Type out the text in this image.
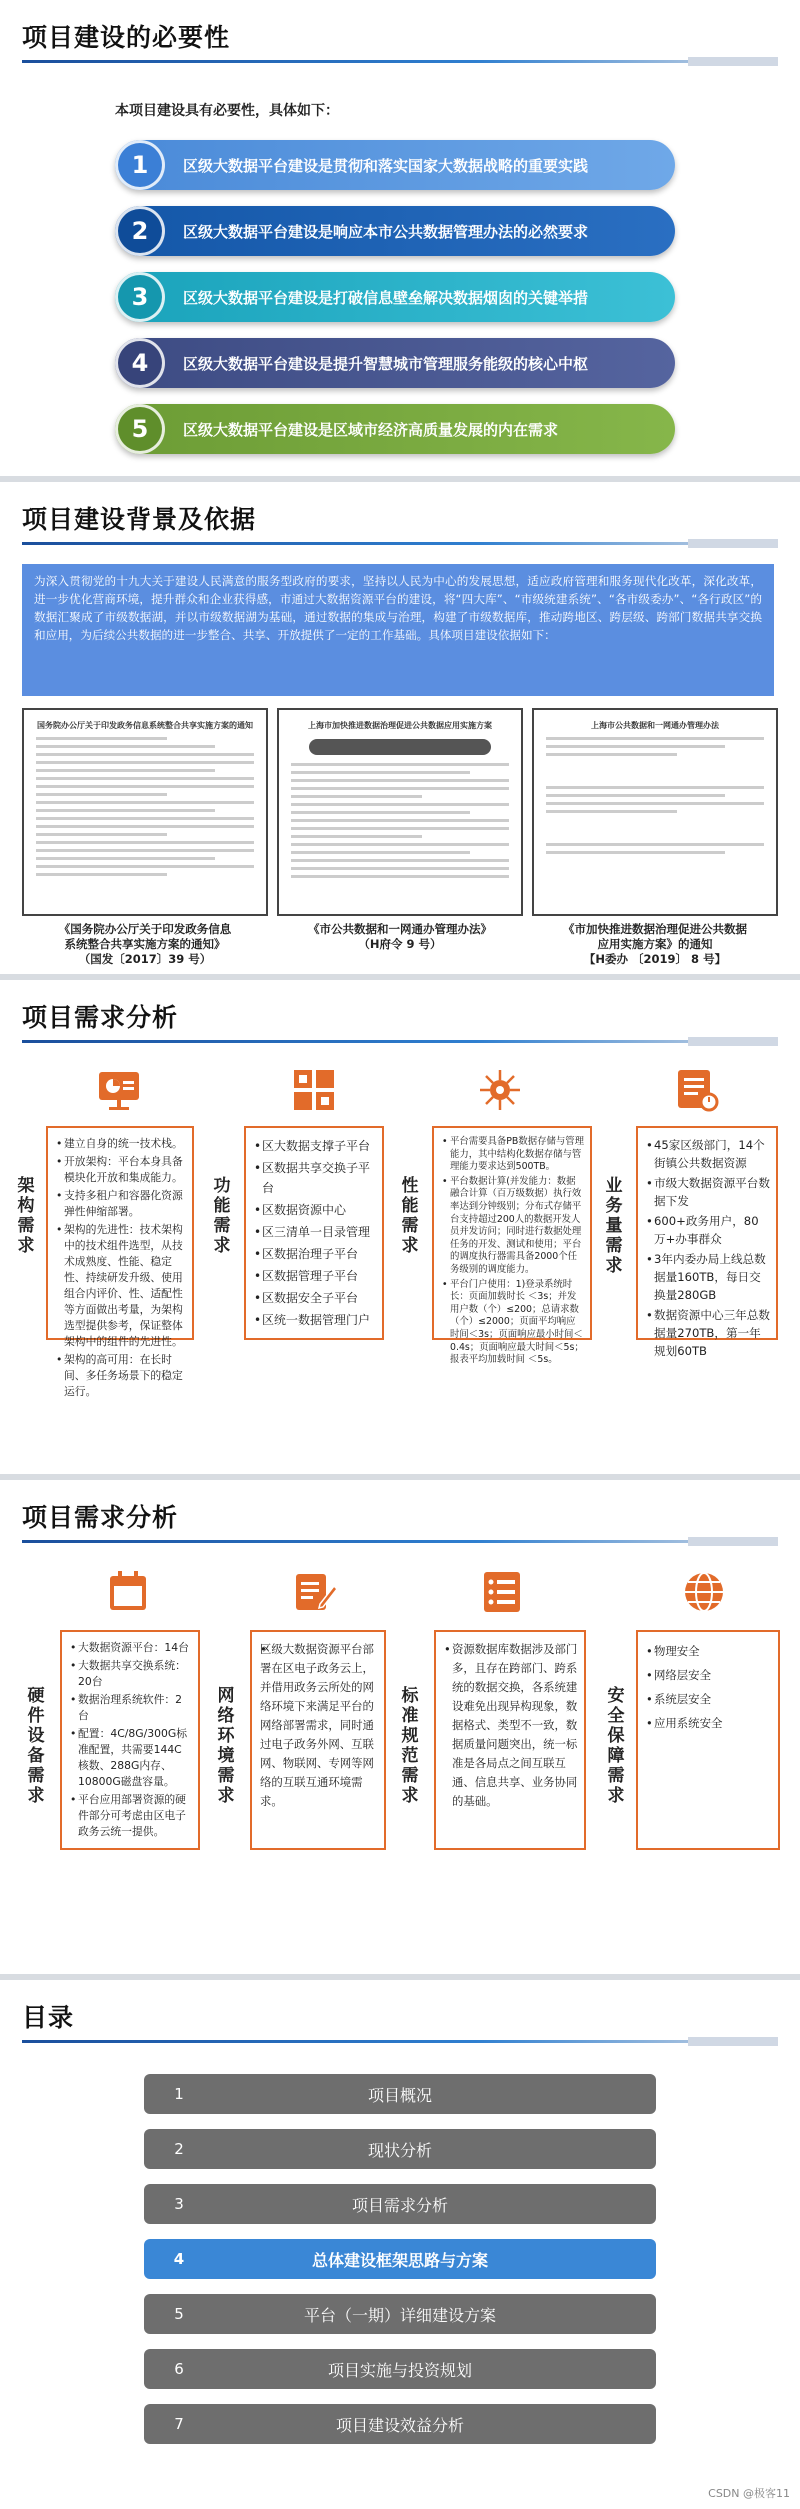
项目建设的必要性
本项目建设具有必要性，具体如下：
1	区级大数据平台建设是贯彻和落实国家大数据战略的重要实践
2	区级大数据平台建设是响应本市公共数据管理办法的必然要求
3	区级大数据平台建设是打破信息壁垒解决数据烟囱的关键举措
4	区级大数据平台建设是提升智慧城市管理服务能级的核心中枢
5	区级大数据平台建设是区域市经济高质量发展的内在需求
项目建设背景及依据
为深入贯彻党的十九大关于建设人民满意的服务型政府的要求，坚持以人民为中心的发展思想，适应政府管理和服务现代化改革，深化改革，进一步优化营商环境，提升群众和企业获得感，市通过大数据资源平台的建设，将“四大库”、“市级统建系统”、“各市级委办”、“各行政区”的数据汇聚成了市级数据湖，并以市级数据湖为基础，通过数据的集成与治理，构建了市级数据库，推动跨地区、跨层级、跨部门数据共享交换和应用，为后续公共数据的进一步整合、共享、开放提供了一定的工作基础。具体项目建设依据如下：
国务院办公厅关于印发政务信息系统整合共享实施方案的通知	上海市加快推进数据治理促进公共数据应用实施方案	上海市公共数据和一网通办管理办法
《国务院办公厅关于印发政务信息
系统整合共享实施方案的通知》
（国发〔2017〕39 号）
《市公共数据和一网通办管理办法》
（H府令 9 号）
《市加快推进数据治理促进公共数据
应用实施方案》的通知
【H委办 〔2019〕 8 号】
项目需求分析
架构需求
• 建立自身的统一技术栈。
• 开放架构：平台本身具备模块化开放和集成能力。
• 支持多租户和容器化资源弹性伸缩部署。
• 架构的先进性：技术架构中的技术组件选型，从技术成熟度、性能、稳定性、持续研发升级、使用组合内评价、性、适配性等方面做出考量，为架构选型提供参考，保证整体架构中的组件的先进性。
• 架构的高可用：在长时间、多任务场景下的稳定运行。
功能需求
• 区大数据支撑子平台
• 区数据共享交换子平台
• 区数据资源中心
• 区三清单一目录管理
• 区数据治理子平台
• 区数据管理子平台
• 区数据安全子平台
• 区统一数据管理门户
性能需求
• 平台需要具备PB数据存储与管理能力，其中结构化数据存储与管理能力要求达到500TB。
• 平台数据计算(并发能力：数据融合计算（百万级数据）执行效率达到分钟级别；分布式存储平台支持超过200人的数据开发人员并发访问；同时进行数据处理任务的开发、测试和使用；平台的调度执行器需具备2000个任务级别的调度能力。
• 平台门户使用：1)登录系统时长：页面加载时长 ＜3s；并发用户数（个）≤200；总请求数（个）≤2000；页面平均响应时间＜3s；页面响应最小时间＜0.4s；页面响应最大时间＜5s；报表平均加载时间 ＜5s。
业务量需求
• 45家区级部门，14个街镇公共数据资源
• 市级大数据资源平台数据下发
• 600+政务用户，80万+办事群众
• 3年内委办局上线总数据量160TB，每日交换量280GB
• 数据资源中心三年总数据量270TB，第一年规划60TB
项目需求分析
硬件设备需求
• 大数据资源平台：14台
• 大数据共享交换系统：20台
• 数据治理系统软件：2台
• 配置：4C/8G/300G标准配置，共需要144C核数、288G内存、10800G磁盘容量。
• 平台应用部署资源的硬件部分可考虑由区电子政务云统一提供。
网络环境需求
• 区级大数据资源平台部署在区电子政务云上，并借用政务云所处的网络环境下来满足平台的网络部署需求，同时通过电子政务外网、互联网、物联网、专网等网络的互联互通环境需求。
标准规范需求
• 资源数据库数据涉及部门多，且存在跨部门、跨系统的数据交换，各系统建设难免出现异构现象，数据格式、类型不一致，数据质量问题突出，统一标准是各局点之间互联互通、信息共享、业务协同的基础。
安全保障需求
• 物理安全
• 网络层安全
• 系统层安全
• 应用系统安全
目录
1	项目概况
2	现状分析
3	项目需求分析
4	总体建设框架思路与方案
5	平台（一期）详细建设方案
6	项目实施与投资规划
7	项目建设效益分析
CSDN @极客11
